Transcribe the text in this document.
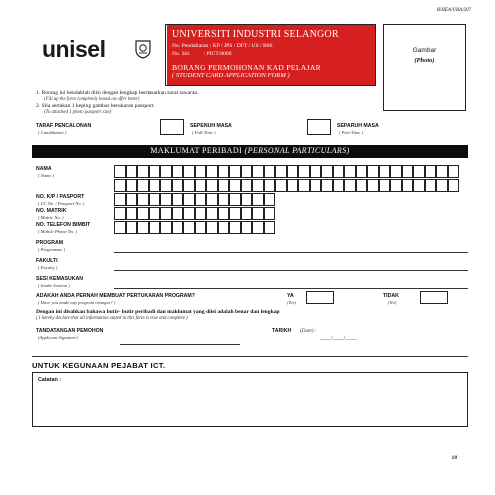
R/HEA/URA/207
unisel
UNIVERSITI INDUSTRI SELANGOR
No. Pendaftaran : KP / JPS / DFT / US / B06
No. Siri          : PICT/0000
BORANG PERMOHONAN KAD PELAJAR
( STUDENT CARD APPLICATION FORM )
Gambar
(Photo)
1. Borang ini hendaklah diisi dengan lengkap berdasarkan surat tawaran.
(Fill up the form completely based on offer letter)
2. Sila sertakan 1 keping gambar berukuran passport.
(To attached 1 photo passport size)
TARAF PENCALONAN
( Candidature )
SEPENUH MASA
( Full-Time )
SEPARUH MASA
( Part-Time )
MAKLUMAT PERIBADI (PERSONAL PARTICULARS)
NAMA
( Name )
NO. K/P / PASPORT
( I/C No. / Passport No. )
NO. MATRIK
( Matric No. )
NO. TELEFON BIMBIT
( Mobile Phone No. )
PROGRAM
( Programme )
FAKULTI
( Faculty )
SESI KEMASUKAN
( Intake Session )
ADAKAH ANDA PERNAH MEMBUAT PERTUKARAN PROGRAM?
( Have you made any program changes? )
YA
(Yes)
TIDAK
(No)
Dengan ini disahkan bahawa butir- butir peribadi dan maklumat yang diisi adalah benar dan lengkap
( I hereby declare that all information stated in this form is true and complete )
TANDATANGAN PEMOHON
(Applicant Signature)
TARIKH (Date) :
____/____/____
UNTUK KEGUNAAN PEJABAT ICT.
Catatan :
18
